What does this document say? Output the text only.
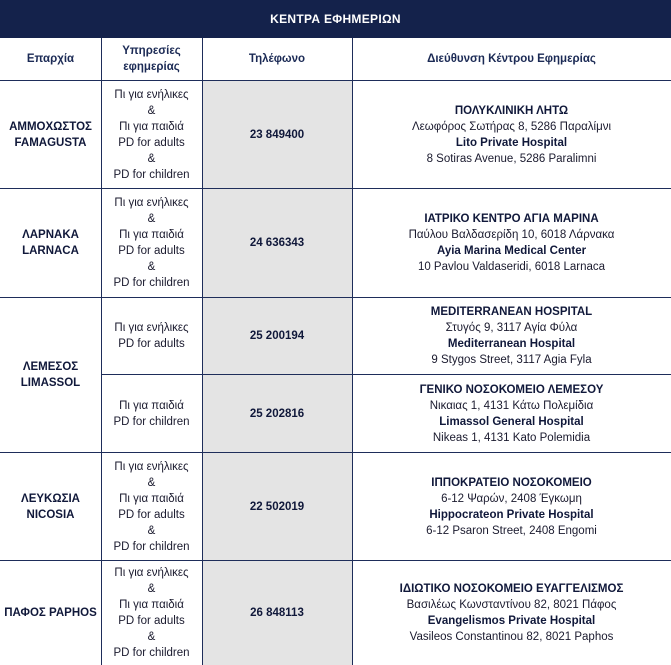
ΚΕΝΤΡΑ ΕΦΗΜΕΡΙΩΝ
Επαρχία
Υπηρεσίες
εφημερίας
Τηλέφωνο	Διεύθυνση Κέντρου Εφημερίας
ΑΜΜΟΧΩΣΤΟΣ
FAMAGUSTA
Πι για ενήλικες
&
Πι για παιδιά
PD for adults
&
PD for children
23 849400
ΠΟΛΥΚΛΙΝΙΚΗ ΛΗΤΩ
Λεωφόρος Σωτήρας 8, 5286 Παραλίμνι
Lito Private Hospital
8 Sotiras Avenue, 5286 Paralimni
ΛΑΡΝΑΚΑ
LARNACA
Πι για ενήλικες
&
Πι για παιδιά
PD for adults
&
PD for children
24 636343
ΙΑΤΡΙΚΟ ΚΕΝΤΡΟ ΑΓΙΑ ΜΑΡΙΝΑ
Παύλου Βαλδασερίδη 10, 6018 Λάρνακα
Ayia Marina Medical Center
10 Pavlou Valdaseridi, 6018 Larnaca
ΛΕΜΕΣΟΣ
LIMASSOL
Πι για ενήλικες
PD for adults
25 200194
MEDITERRANEAN HOSPITAL
Στυγός 9, 3117 Αγία Φύλα
Mediterranean Hospital
9 Stygos Street, 3117 Agia Fyla
Πι για παιδιά
PD for children
25 202816
ΓΕΝΙΚΟ ΝΟΣΟΚΟΜΕΙΟ ΛΕΜΕΣΟΥ
Νικαιας 1, 4131 Κάτω Πολεμίδια
Limassol General Hospital
Nikeas 1, 4131 Kato Polemidia
ΛΕΥΚΩΣΙΑ
NICOSIA
Πι για ενήλικες
&
Πι για παιδιά
PD for adults
&
PD for children
22 502019
ΙΠΠΟΚΡΑΤΕΙΟ ΝΟΣΟΚΟΜΕΙΟ
6-12 Ψαρών, 2408 Έγκωμη
Hippocrateon Private Hospital
6-12 Psaron Street, 2408 Engomi
ΠΑΦΟΣ PAPHOS
Πι για ενήλικες
&
Πι για παιδιά
PD for adults
&
PD for children
26 848113
ΙΔΙΩΤΙΚΟ ΝΟΣΟΚΟΜΕΙΟ ΕΥΑΓΓΕΛΙΣΜΟΣ
Βασιλέως Κωνσταντίνου 82, 8021 Πάφος
Evangelismos Private Hospital
Vasileos Constantinou 82, 8021 Paphos
